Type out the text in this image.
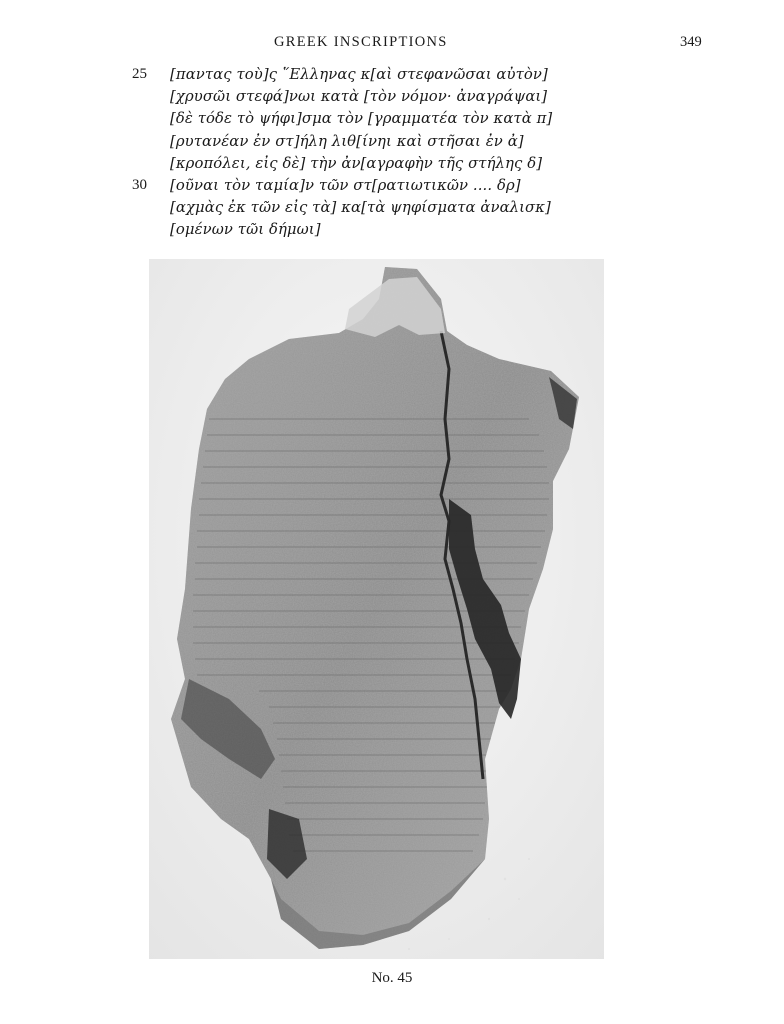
GREEK INSCRIPTIONS	349
25 [παντας τοὺ]ς ῞Ελληνας κ[αὶ στεφανῶσαι αὐτὸν]
[χρυσῶι στεφά]νωι κατὰ [τὸν νόμον· ἀναγράψαι]
[δὲ τόδε τὸ ψήφι]σμα τὸν [γραμματέα τὸν κατὰ π]
[ρυτανέαν ἐν στ]ήλη λιθ[ίνηι καὶ στῆσαι ἐν ἀ]
[κροπόλει, εἰς δὲ] τὴν ἀν[αγραφὴν τῆς στήλης δ]
30 [οῦναι τὸν ταμία]ν τῶν στ[ρατιωτικῶν .... δρ]
[αχμὰς ἐκ τῶν εἰς τὰ] κα[τὰ ψηφίσματα ἀναλισκ]
[ομένων τῶι δήμωι]
No. 45
